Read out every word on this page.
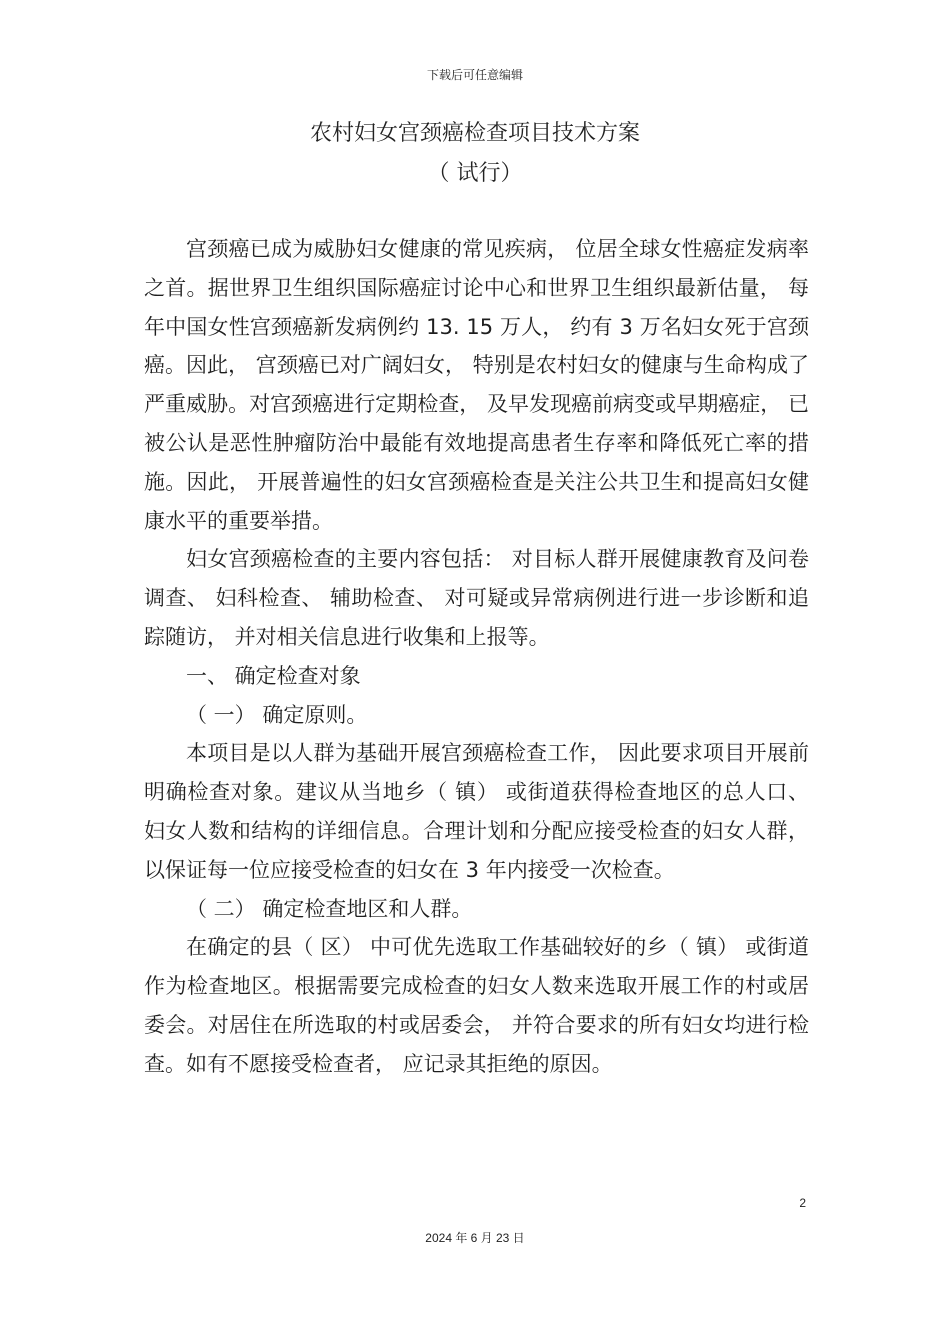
下载后可任意编辑
农村妇女宫颈癌检查项目技术方案
（ 试行）

宫颈癌已成为威胁妇女健康的常见疾病， 位居全球女性癌症发病率之首。据世界卫生组织国际癌症讨论中心和世界卫生组织最新估量， 每年中国女性宫颈癌新发病例约 13. 15 万人， 约有 3 万名妇女死于宫颈癌。因此， 宫颈癌已对广阔妇女， 特别是农村妇女的健康与生命构成了严重威胁。对宫颈癌进行定期检查， 及早发现癌前病变或早期癌症， 已被公认是恶性肿瘤防治中最能有效地提高患者生存率和降低死亡率的措施。因此， 开展普遍性的妇女宫颈癌检查是关注公共卫生和提高妇女健康水平的重要举措。

妇女宫颈癌检查的主要内容包括： 对目标人群开展健康教育及问卷调查、 妇科检查、 辅助检查、 对可疑或异常病例进行进一步诊断和追踪随访， 并对相关信息进行收集和上报等。

一、 确定检查对象

（ 一） 确定原则。

本项目是以人群为基础开展宫颈癌检查工作， 因此要求项目开展前明确检查对象。建议从当地乡（ 镇） 或街道获得检查地区的总人口、 妇女人数和结构的详细信息。合理计划和分配应接受检查的妇女人群， 以保证每一位应接受检查的妇女在 3 年内接受一次检查。

（ 二） 确定检查地区和人群。

在确定的县（ 区） 中可优先选取工作基础较好的乡（ 镇） 或街道作为检查地区。根据需要完成检查的妇女人数来选取开展工作的村或居委会。对居住在所选取的村或居委会， 并符合要求的所有妇女均进行检查。如有不愿接受检查者， 应记录其拒绝的原因。

2
2024 年 6 月 23 日
